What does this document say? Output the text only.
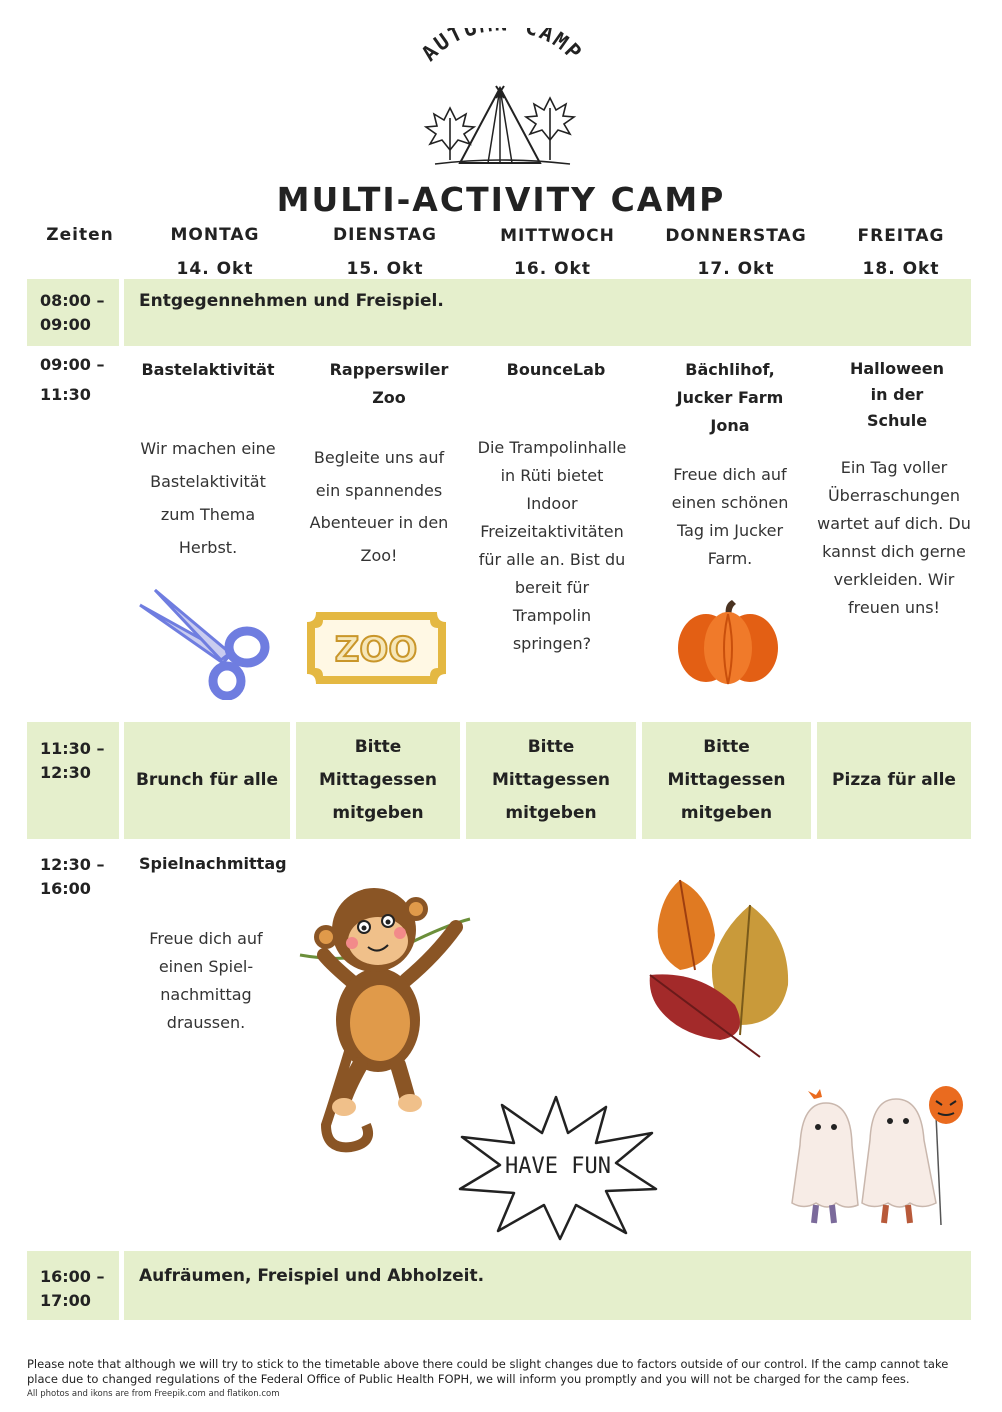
AUTU CAMP
MULTI-ACTIVITY CAMP
Zeiten	MONTAG
14. Okt
DIENSTAG
15. Okt
MITTWOCH
16. Okt
DONNERSTAG
17. Okt
FREITAG
18. Okt
08:00 –
09:00
Entgegennehmen und Freispiel.
09:00 –
11:30
Bastelaktivität
Wir machen eine
Bastelaktivität
zum Thema
Herbst.
Rapperswiler
Zoo
Begleite uns auf
ein spannendes
Abenteuer in den
Zoo!
BounceLab
Die Trampolinhalle
in Rüti bietet
Indoor
Freizeitaktivitäten
für alle an. Bist du
bereit für
Trampolin
springen?
Bächlihof,
Jucker Farm
Jona
Freue dich auf
einen schönen
Tag im Jucker
Farm.
Halloween
in der
Schule
Ein Tag voller
Überraschungen
wartet auf dich. Du
kannst dich gerne
verkleiden. Wir
freuen uns!
ZOO
11:30 –
12:30	Brunch für alle
Bitte
Mittagessen
mitgeben
Bitte
Mittagessen
mitgeben
Bitte
Mittagessen
mitgeben
Pizza für alle
12:30 –
16:00
Spielnachmittag
Freue dich auf
einen Spiel-
nachmittag
draussen.
HAVE FUN
16:00 –
17:00
Aufräumen, Freispiel und Abholzeit.
Please note that although we will try to stick to the timetable above there could be slight changes due to factors outside of our control. If the camp cannot take place due to changed regulations of the Federal Office of Public Health FOPH, we will inform you promptly and you will not be charged for the camp fees.
All photos and ikons are from Freepik.com and flatikon.com
